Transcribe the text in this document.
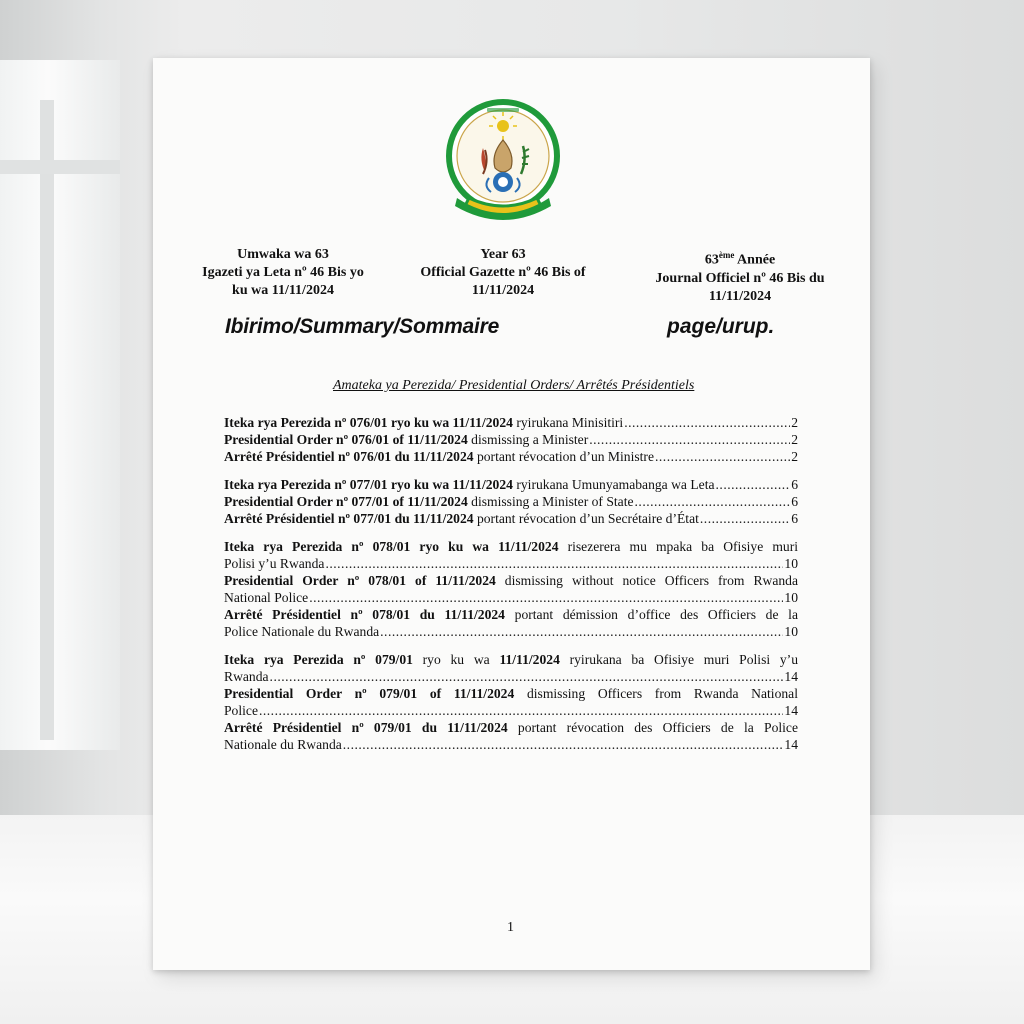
Umwaka wa 63
Igazeti ya Leta nº 46 Bis yo
ku wa 11/11/2024
Year 63
Official Gazette nº 46 Bis of
11/11/2024
63ème Année
Journal Officiel nº 46 Bis du
11/11/2024
Ibirimo/Summary/Sommaire	page/urup.
Amateka ya Perezida/ Presidential Orders/ Arrêtés Présidentiels
Iteka rya Perezida nº 076/01 ryo ku wa 11/11/2024 ryirukana Minisitiri .....	2
Presidential Order nº 076/01 of 11/11/2024 dismissing a Minister .....	2
Arrêté Présidentiel nº 076/01 du 11/11/2024 portant révocation d’un Ministre .....	2
Iteka rya Perezida nº 077/01 ryo ku wa 11/11/2024 ryirukana Umunyamabanga wa Leta .....	6
Presidential Order nº 077/01 of 11/11/2024 dismissing a Minister of State .....	6
Arrêté Présidentiel nº 077/01 du 11/11/2024 portant révocation d’un Secrétaire d’État .....	6
Iteka rya Perezida nº 078/01 ryo ku wa 11/11/2024 risezerera mu mpaka ba Ofisiye muri
Polisi y’u Rwanda .....	10
Presidential Order nº 078/01 of 11/11/2024 dismissing without notice Officers from Rwanda
National Police .....	10
Arrêté Présidentiel nº 078/01 du 11/11/2024 portant démission d’office des Officiers de la
Police Nationale du Rwanda .....	10
Iteka rya Perezida nº 079/01 ryo ku wa 11/11/2024 ryirukana ba Ofisiye muri Polisi y’u
Rwanda .....	14
Presidential Order nº 079/01 of 11/11/2024 dismissing Officers from Rwanda National
Police .....	14
Arrêté Présidentiel nº 079/01 du 11/11/2024 portant révocation des Officiers de la Police
Nationale du Rwanda .....	14
1
